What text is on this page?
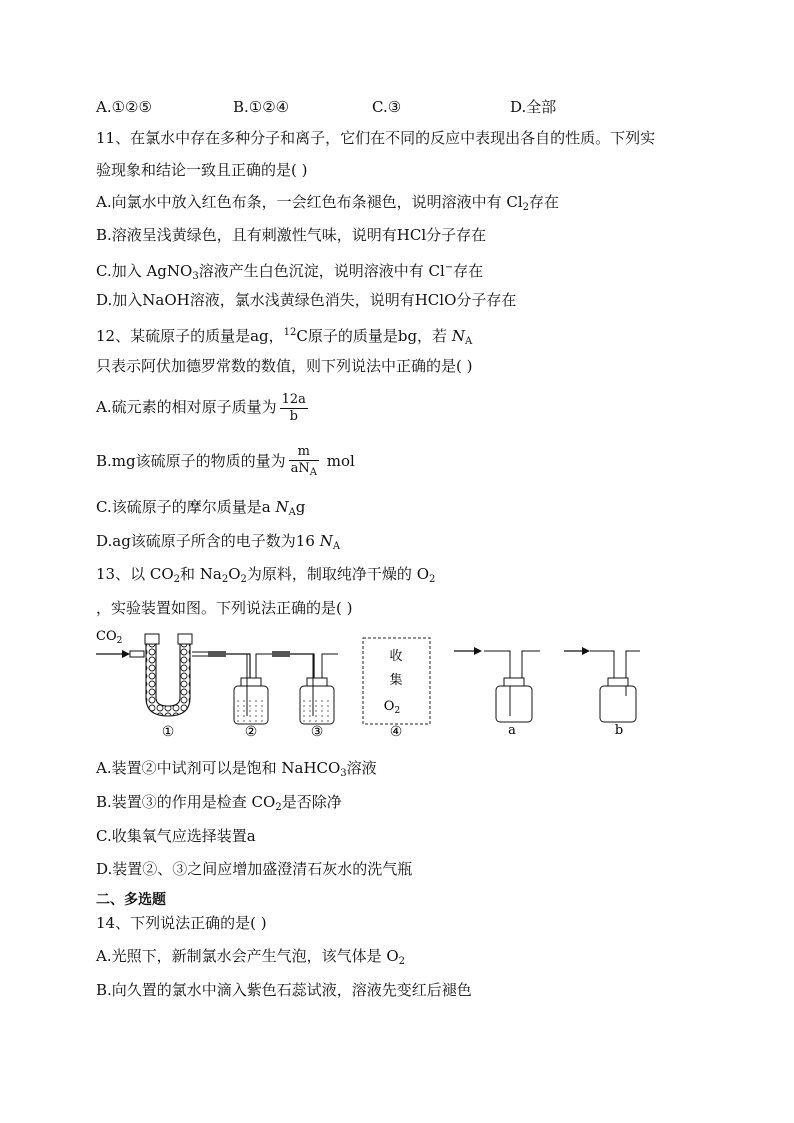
A.①②⑤	B.①②④	C.③	D.全部
11、在氯水中存在多种分子和离子，它们在不同的反应中表现出各自的性质。下列实
验现象和结论一致且正确的是( )
A.向氯水中放入红色布条，一会红色布条褪色，说明溶液中有 $Cl_2$存在
B.溶液呈浅黄绿色，且有刺激性气味，说明有HCl分子存在
C.加入 AgNO$_3$溶液产生白色沉淀，说明溶液中有 Cl−存在
D.加入NaOH溶液，氯水浅黄绿色消失，说明有HClO分子存在
12、某硫原子的质量是ag，$^{12}$C原子的质量是bg，若 $N_A$
只表示阿伏加德罗常数的数值，则下列说法中正确的是( )
A.硫元素的相对原子质量为 $\frac{12a}{b}$
B.mg该硫原子的物质的量为 $\frac{m}{aN_A}$ mol
C.该硫原子的摩尔质量是a $N_Ag$
D.ag该硫原子所含的电子数为16 $N_A$
13、以 $CO_2$和 $Na_2O_2$为原料，制取纯净干燥的 $O_2$
，实验装置如图。下列说法正确的是( )
$CO_2$
收
集
$O_2$
①	②	③	④	a	b
A.装置②中试剂可以是饱和 NaHCO$_3$溶液
B.装置③的作用是检查 $CO_2$是否除净
C.收集氧气应选择装置a
D.装置②、③之间应增加盛澄清石灰水的洗气瓶
二、多选题
14、下列说法正确的是( )
A.光照下，新制氯水会产生气泡，该气体是 $O_2$
B.向久置的氯水中滴入紫色石蕊试液，溶液先变红后褪色
